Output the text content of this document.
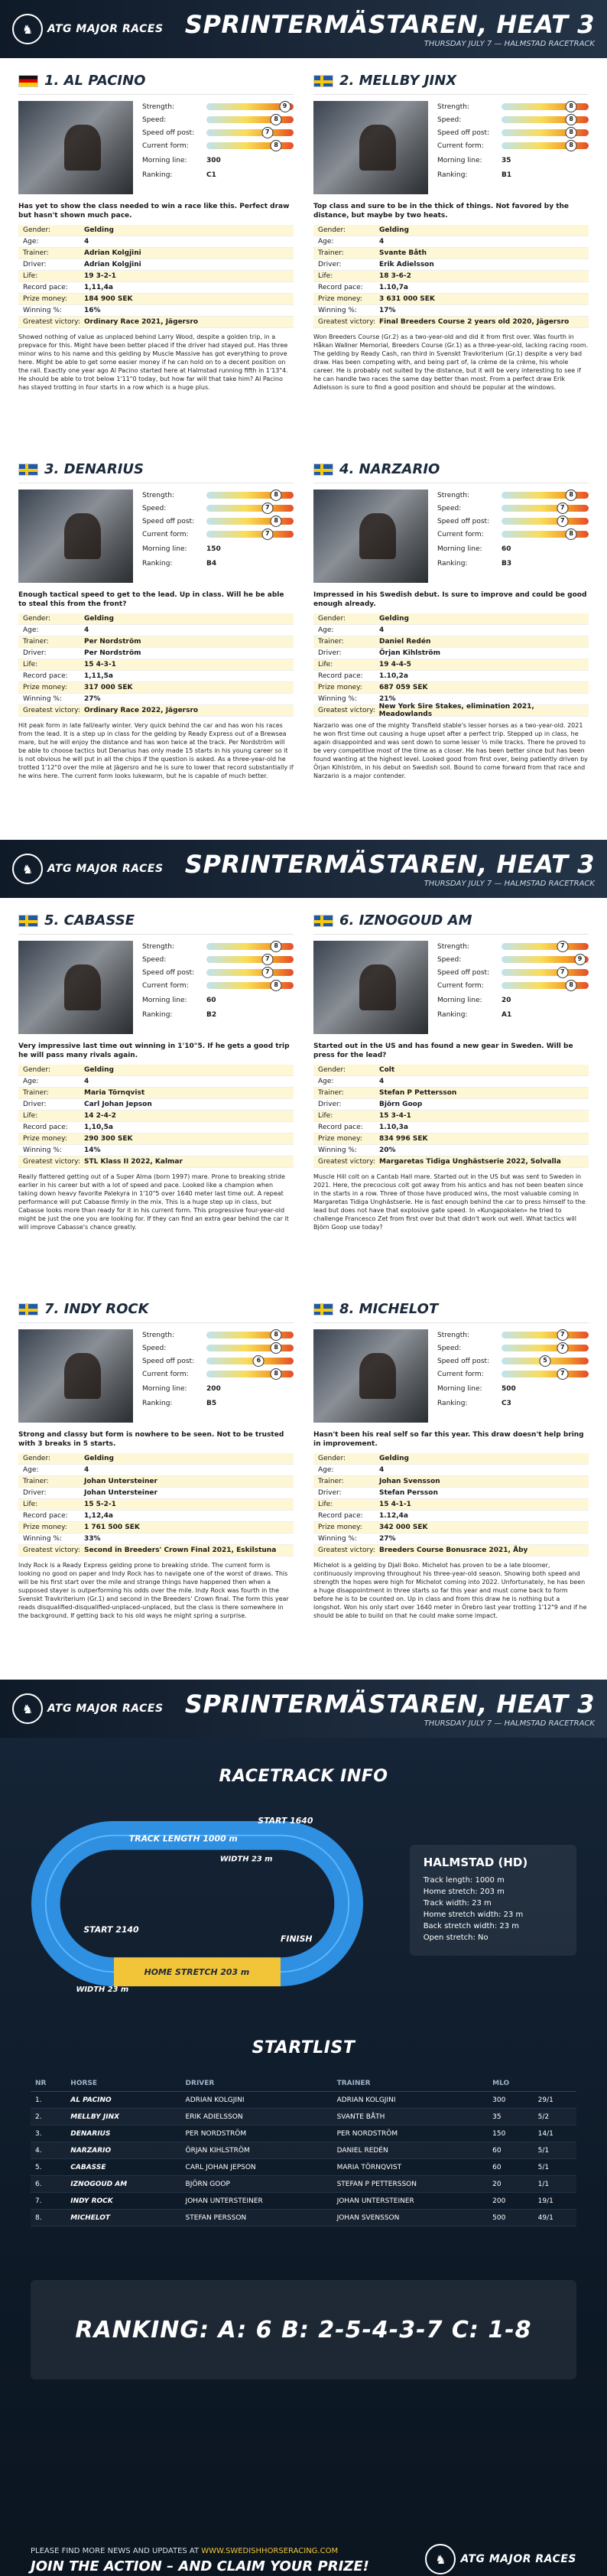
♞	ATG MAJOR RACES SPRINTERMÄSTAREN, HEAT 3
THURSDAY JULY 7 — HALMSTAD RACETRACK
1. AL PACINO
Strength:	9
Speed:	8
Speed off post:	7
Current form:	8
Morning line:	300
Ranking:	C1
Has yet to show the class needed to win a race like this. Perfect draw but hasn't shown much pace.
Gender:	Gelding
Age:	4
Trainer:	Adrian Kolgjini
Driver:	Adrian Kolgjini
Life:	19 3-2-1
Record pace:	1,11,4a
Prize money:	184 900 SEK
Winning %:	16%
Greatest victory: Ordinary Race 2021, Jägersro
Showed nothing of value as unplaced behind Larry Wood, despite a golden trip, in a prepvace for this. Might have been better placed if the driver had stayed put. Has three minor wins to his name and this gelding by Muscle Massive has got everything to prove here. Might be able to get some easier money if he can hold on to a decent position on the rail. Exactly one year ago Al Pacino started here at Halmstad running fifth in 1'13"4. He should be able to trot below 1'11"0 today, but how far will that take him? Al Pacino has stayed trotting in four starts in a row which is a huge plus.
2. MELLBY JINX
Strength:	8
Speed:	8
Speed off post:	8
Current form:	8
Morning line:	35
Ranking:	B1
Top class and sure to be in the thick of things. Not favored by the distance, but maybe by two heats.
Gender:	Gelding
Age:	4
Trainer:	Svante Båth
Driver:	Erik Adielsson
Life:	18 3-6-2
Record pace:	1.10,7a
Prize money:	3 631 000 SEK
Winning %:	17%
Greatest victory: Final Breeders Course 2 years old 2020, Jägersro
Won Breeders Course (Gr.2) as a two-year-old and did it from first over. Was fourth in Håkan Wallner Memorial, Breeders Course (Gr.1) as a three-year-old, lacking racing room. The gelding by Ready Cash, ran third in Svenskt Travkriterium (Gr.1) despite a very bad draw. Has been competing with, and being part of, la crème de la crème, his whole career. He is probably not suited by the distance, but it will be very interesting to see if he can handle two races the same day better than most. From a perfect draw Erik Adielsson is sure to find a good position and should be popular at the windows.
3. DENARIUS
Strength:	8
Speed:	7
Speed off post:	8
Current form:	7
Morning line:	150
Ranking:	B4
Enough tactical speed to get to the lead. Up in class. Will he be able to steal this from the front?
Gender:	Gelding
Age:	4
Trainer:	Per Nordström
Driver:	Per Nordström
Life:	15 4-3-1
Record pace:	1,11,5a
Prize money:	317 000 SEK
Winning %:	27%
Greatest victory: Ordinary Race 2022, Jägersro
Hit peak form in late fall/early winter. Very quick behind the car and has won his races from the lead. It is a step up in class for the gelding by Ready Express out of a Brewsea mare, but he will enjoy the distance and has won twice at the track. Per Nordström will be able to choose tactics but Denarius has only made 15 starts in his young career so it is not obvious he will put in all the chips if the question is asked. As a three-year-old he trotted 1'12"0 over the mile at Jägersro and he is sure to lower that record substantially if he wins here. The current form looks lukewarm, but he is capable of much better.
4. NARZARIO
Strength:	8
Speed:	7
Speed off post:	7
Current form:	8
Morning line:	60
Ranking:	B3
Impressed in his Swedish debut. Is sure to improve and could be good enough already.
Gender:	Gelding
Age:	4
Trainer:	Daniel Redén
Driver:	Örjan Kihlström
Life:	19 4-4-5
Record pace:	1.10,2a
Prize money:	687 059 SEK
Winning %:	21%
Greatest victory: New York Sire Stakes, elimination 2021, Meadowlands
Narzario was one of the mighty Transfield stable's lesser horses as a two-year-old. 2021 he won first time out causing a huge upset after a perfect trip. Stepped up in class, he again disappointed and was sent down to some lesser ½ mile tracks. There he proved to be very competitive most of the time as a closer. He has been better since but has been found wanting at the highest level. Looked good from first over, being patiently driven by Örjan Kihlström, in his debut on Swedish soil. Bound to come forward from that race and Narzario is a major contender.
♞	ATG MAJOR RACES SPRINTERMÄSTAREN, HEAT 3
THURSDAY JULY 7 — HALMSTAD RACETRACK
5. CABASSE
Strength:	8
Speed:	7
Speed off post:	7
Current form:	8
Morning line:	60
Ranking:	B2
Very impressive last time out winning in 1'10"5. If he gets a good trip he will pass many rivals again.
Gender:	Gelding
Age:	4
Trainer:	Maria Törnqvist
Driver:	Carl Johan Jepson
Life:	14 2-4-2
Record pace:	1,10,5a
Prize money:	290 300 SEK
Winning %:	14%
Greatest victory: STL Klass II 2022, Kalmar
Really flattered getting out of a Super Alma (born 1997) mare. Prone to breaking stride earlier in his career but with a lot of speed and pace. Looked like a champion when taking down heavy favorite Palekyra in 1'10"5 over 1640 meter last time out. A repeat performance will put Cabasse firmly in the mix. This is a huge step up in class, but Cabasse looks more than ready for it in his current form. This progressive four-year-old might be just the one you are looking for. If they can find an extra gear behind the car it will improve Cabasse's chance greatly.
6. IZNOGOUD AM
Strength:	7
Speed:	9
Speed off post:	7
Current form:	8
Morning line:	20
Ranking:	A1
Started out in the US and has found a new gear in Sweden. Will be press for the lead?
Gender:	Colt
Age:	4
Trainer:	Stefan P Pettersson
Driver:	Björn Goop
Life:	15 3-4-1
Record pace:	1.10,3a
Prize money:	834 996 SEK
Winning %:	20%
Greatest victory: Margaretas Tidiga Unghästserie 2022, Solvalla
Muscle Hill colt on a Cantab Hall mare. Started out in the US but was sent to Sweden in 2021. Here, the precocious colt got away from his antics and has not been beaten since in the starts in a row. Three of those have produced wins, the most valuable coming in Margaretas Tidiga Unghästserie. He is fast enough behind the car to press himself to the lead but does not have that explosive gate speed. In «Kungapokalen» he tried to challenge Francesco Zet from first over but that didn't work out well. What tactics will Björn Goop use today?
7. INDY ROCK
Strength:	8
Speed:	8
Speed off post:	6
Current form:	8
Morning line:	200
Ranking:	B5
Strong and classy but form is nowhere to be seen. Not to be trusted with 3 breaks in 5 starts.
Gender:	Gelding
Age:	4
Trainer:	Johan Untersteiner
Driver:	Johan Untersteiner
Life:	15 5-2-1
Record pace:	1,12,4a
Prize money:	1 761 500 SEK
Winning %:	33%
Greatest victory: Second in Breeders' Crown Final 2021, Eskilstuna
Indy Rock is a Ready Express gelding prone to breaking stride. The current form is looking no good on paper and Indy Rock has to navigate one of the worst of draws. This will be his first start over the mile and strange things have happened then when a supposed stayer is outperforming his odds over the mile. Indy Rock was fourth in the Svenskt Travkriterium (Gr.1) and second in the Breeders' Crown final. The form this year reads disqualified-disqualified-unplaced-unplaced, but the class is there somewhere in the background. If getting back to his old ways he might spring a surprise.
8. MICHELOT
Strength:	7
Speed:	7
Speed off post:	5
Current form:	7
Morning line:	500
Ranking:	C3
Hasn't been his real self so far this year. This draw doesn't help bring in improvement.
Gender:	Gelding
Age:	4
Trainer:	Johan Svensson
Driver:	Stefan Persson
Life:	15 4-1-1
Record pace:	1.12,4a
Prize money:	342 000 SEK
Winning %:	27%
Greatest victory: Breeders Course Bonusrace 2021, Åby
Michelot is a gelding by Djali Boko. Michelot has proven to be a late bloomer, continuously improving throughout his three-year-old season. Showing both speed and strength the hopes were high for Michelot coming into 2022. Unfortunately, he has been a huge disappointment in three starts so far this year and must come back to form before he is to be counted on. Up in class and from this draw he is nothing but a longshot. Won his only start over 1640 meter in Örebro last year trotting 1'12"9 and if he should be able to build on that he could make some impact.
♞	ATG MAJOR RACES SPRINTERMÄSTAREN, HEAT 3
THURSDAY JULY 7 — HALMSTAD RACETRACK
RACETRACK INFO
TRACK LENGTH 1000 m
START 1640
WIDTH 23 m
START 2140
HOME STRETCH 203 m
FINISH
WIDTH 23 m
HALMSTAD (HD)
Track length: 1000 m
Home stretch: 203 m
Track width: 23 m
Home stretch width: 23 m
Back stretch width: 23 m
Open stretch: No
STARTLIST
NR	HORSE	DRIVER	TRAINER	MLO	
1.	AL PACINO	ADRIAN KOLGJINI	ADRIAN KOLGJINI	300	29/1
2.	MELLBY JINX	ERIK ADIELSSON	SVANTE BÅTH	35	5/2
3.	DENARIUS	PER NORDSTRÖM	PER NORDSTRÖM	150	14/1
4.	NARZARIO	ÖRJAN KIHLSTRÖM	DANIEL REDÉN	60	5/1
5.	CABASSE	CARL JOHAN JEPSON	MARIA TÖRNQVIST	60	5/1
6.	IZNOGOUD AM	BJÖRN GOOP	STEFAN P PETTERSSON	20	1/1
7.	INDY ROCK	JOHAN UNTERSTEINER	JOHAN UNTERSTEINER	200	19/1
8.	MICHELOT	STEFAN PERSSON	JOHAN SVENSSON	500	49/1
RANKING: A: 6 B: 2-5-4-3-7 C: 1-8
PLEASE FIND MORE NEWS AND UPDATES AT WWW.SWEDISHHORSERACING.COM
JOIN THE ACTION – AND CLAIM YOUR PRIZE!	♞	ATG MAJOR RACES
